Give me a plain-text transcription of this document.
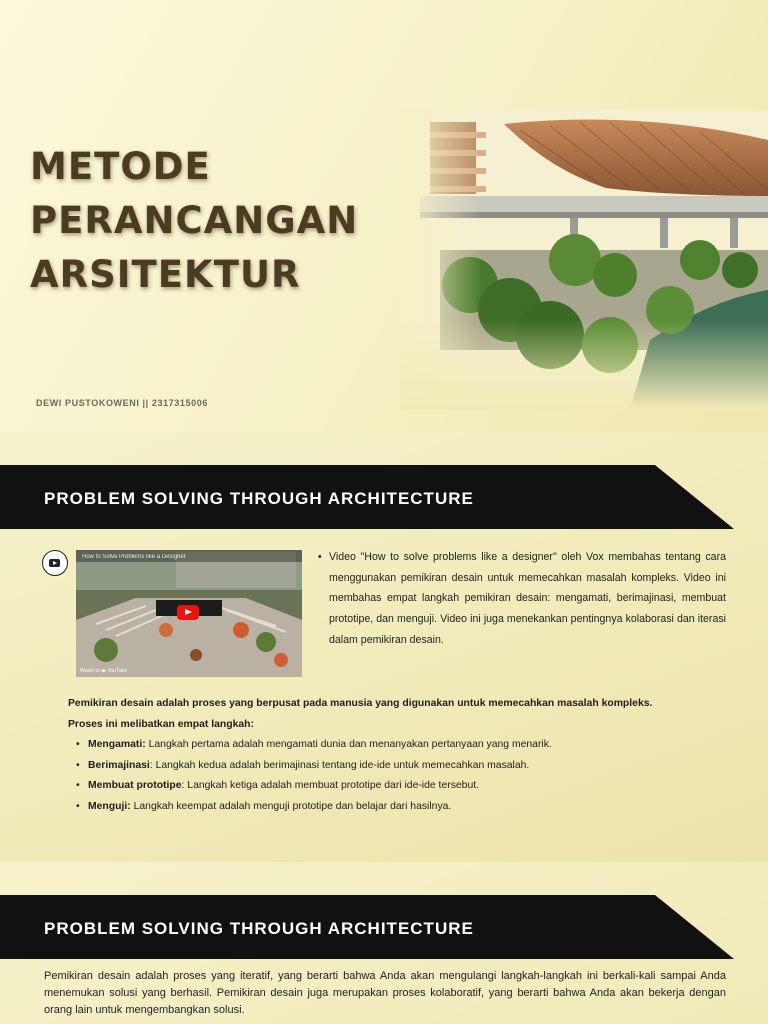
METODE
PERANCANGAN
ARSITEKTUR
DEWI PUSTOKOWENI || 2317315006
PROBLEM SOLVING THROUGH ARCHITECTURE
How to Solve Problems like a Designer
Watch on ▶ YouTube
• Video "How to solve problems like a designer" oleh Vox membahas tentang cara menggunakan pemikiran desain untuk memecahkan masalah kompleks. Video ini membahas empat langkah pemikiran desain: mengamati, berimajinasi, membuat prototipe, dan menguji. Video ini juga menekankan pentingnya kolaborasi dan iterasi dalam pemikiran desain.

Pemikiran desain adalah proses yang berpusat pada manusia yang digunakan untuk memecahkan masalah kompleks.
Proses ini melibatkan empat langkah:
• Mengamati: Langkah pertama adalah mengamati dunia dan menanyakan pertanyaan yang menarik.
• Berimajinasi: Langkah kedua adalah berimajinasi tentang ide-ide untuk memecahkan masalah.
• Membuat prototipe: Langkah ketiga adalah membuat prototipe dari ide-ide tersebut.
• Menguji: Langkah keempat adalah menguji prototipe dan belajar dari hasilnya.
PROBLEM SOLVING THROUGH ARCHITECTURE

Pemikiran desain adalah proses yang iteratif, yang berarti bahwa Anda akan mengulangi langkah-langkah ini berkali-kali sampai Anda menemukan solusi yang berhasil. Pemikiran desain juga merupakan proses kolaboratif, yang berarti bahwa Anda akan bekerja dengan orang lain untuk mengembangkan solusi.
